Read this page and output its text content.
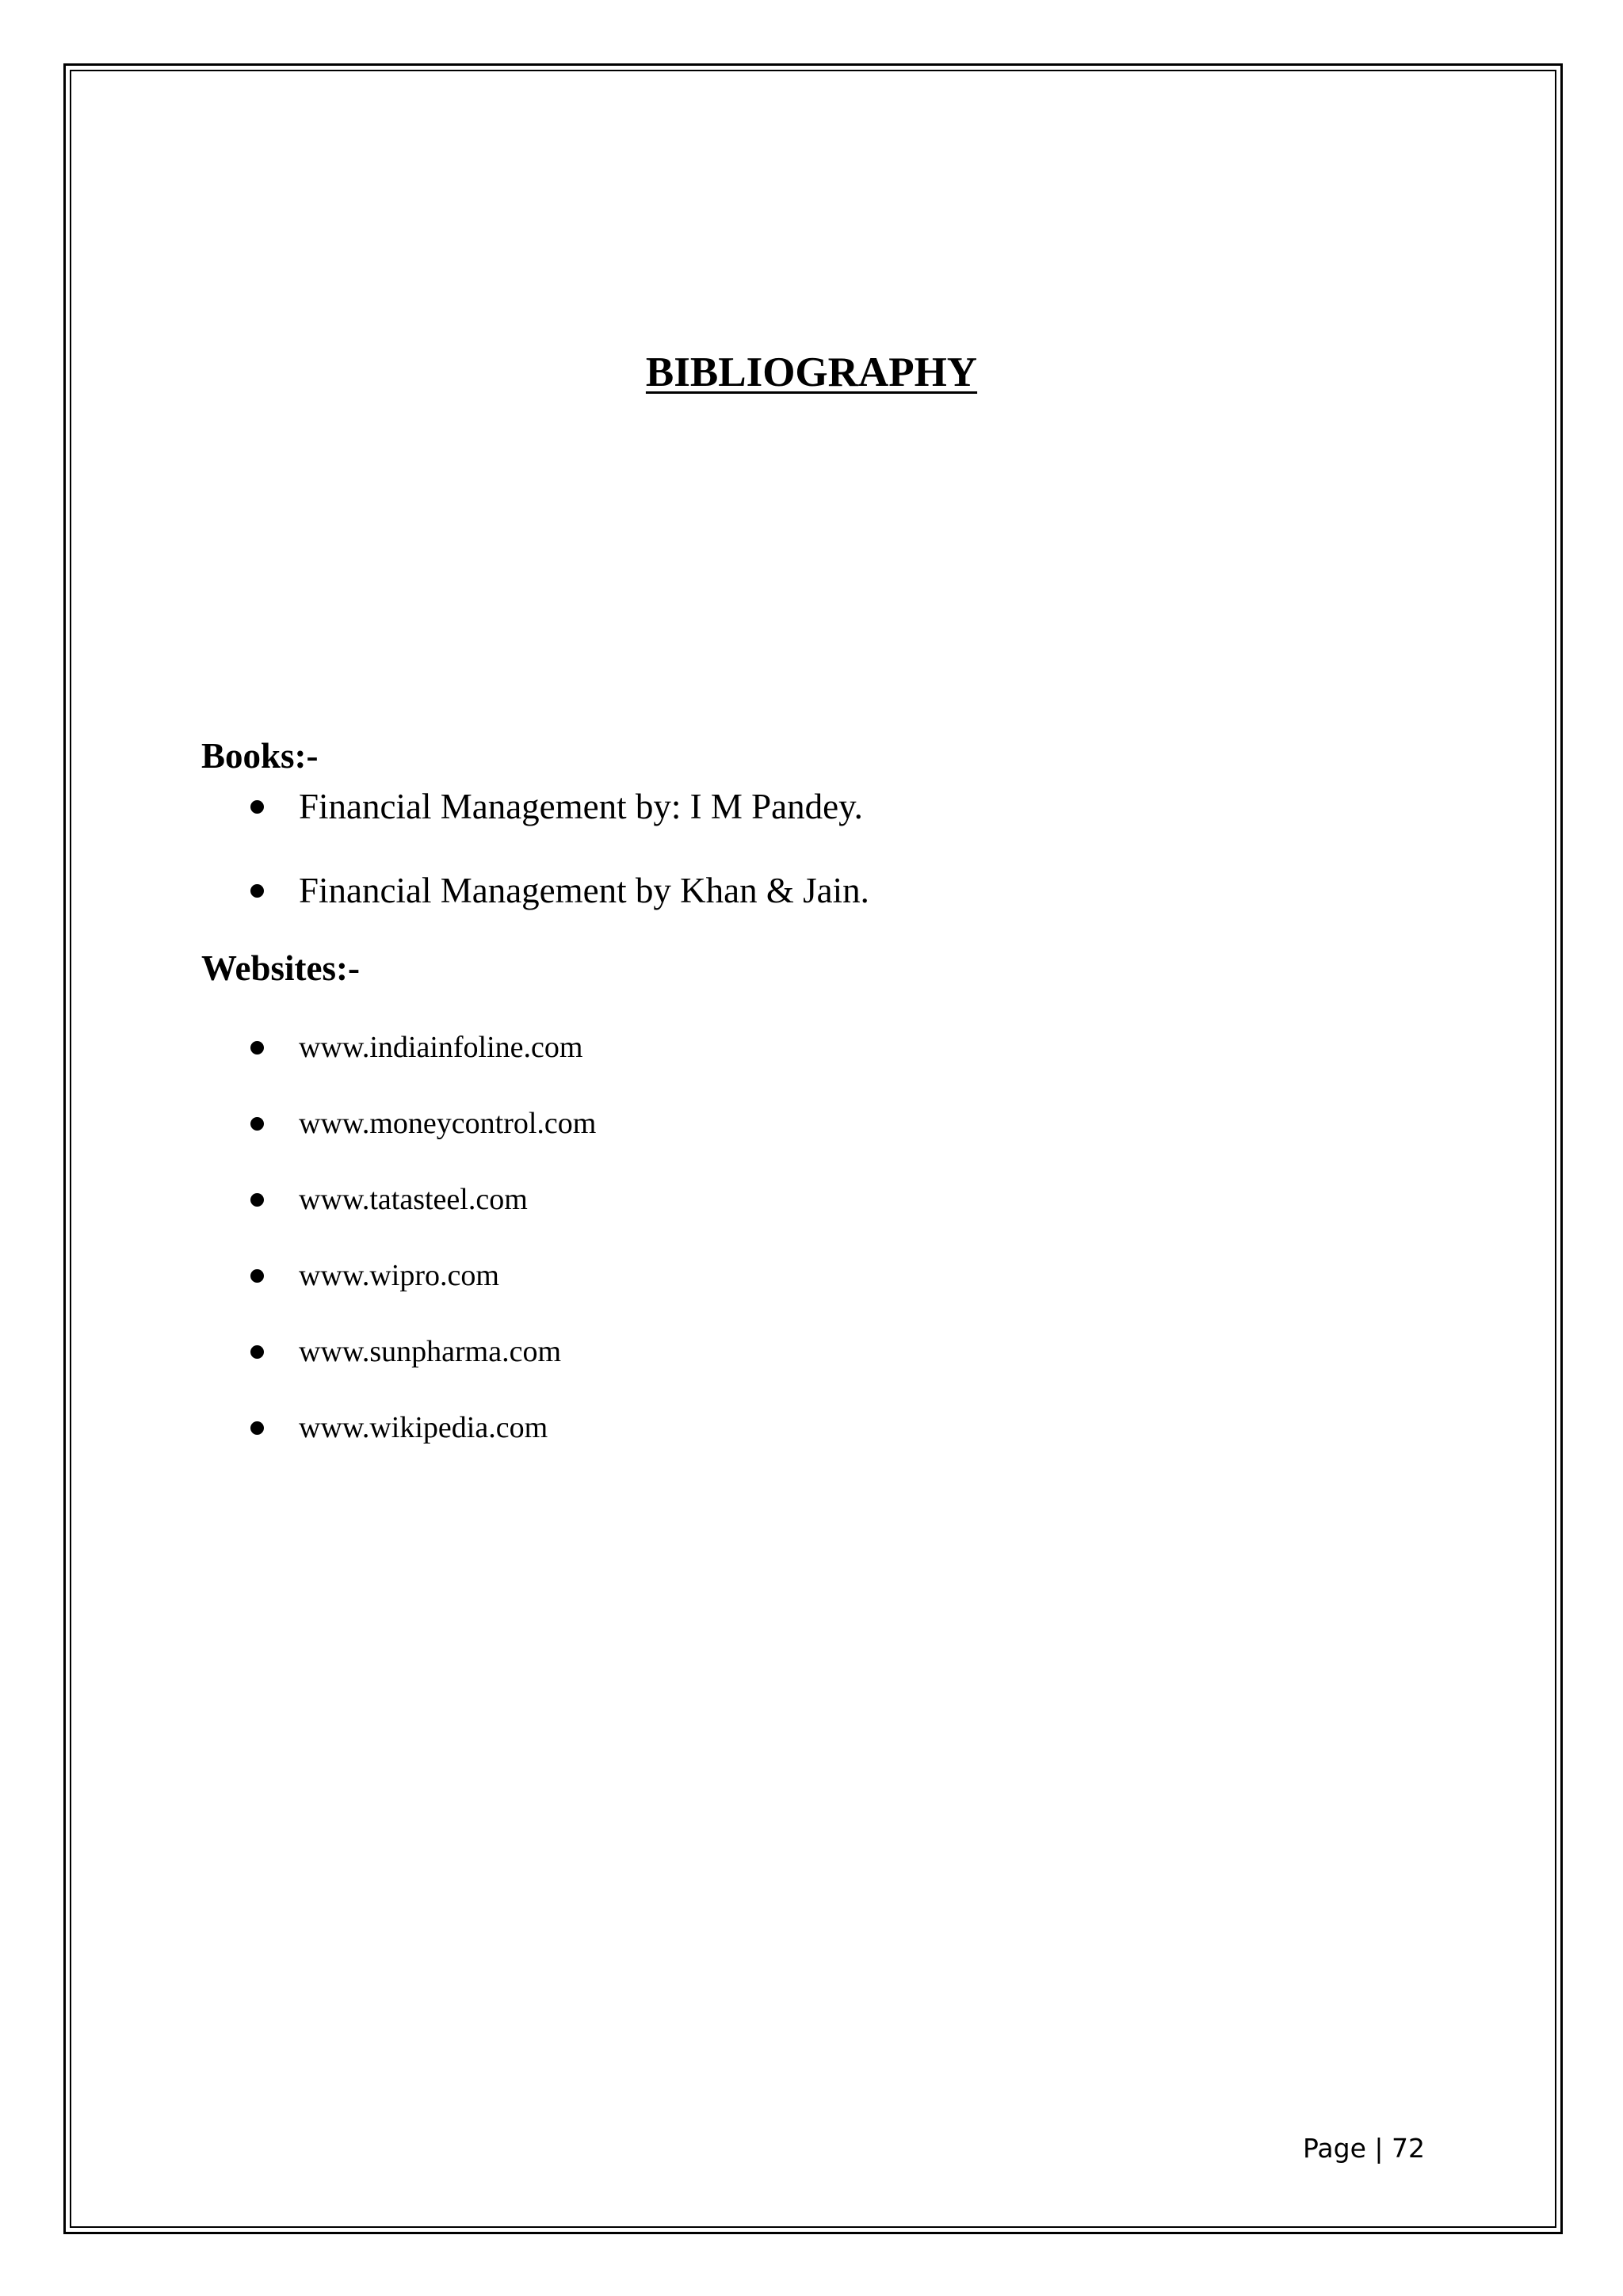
BIBLIOGRAPHY
Books:-
Financial Management by: I M Pandey.
Financial Management by Khan & Jain.
Websites:-
www.indiainfoline.com
www.moneycontrol.com
www.tatasteel.com
www.wipro.com
www.sunpharma.com
www.wikipedia.com
Page | 72
